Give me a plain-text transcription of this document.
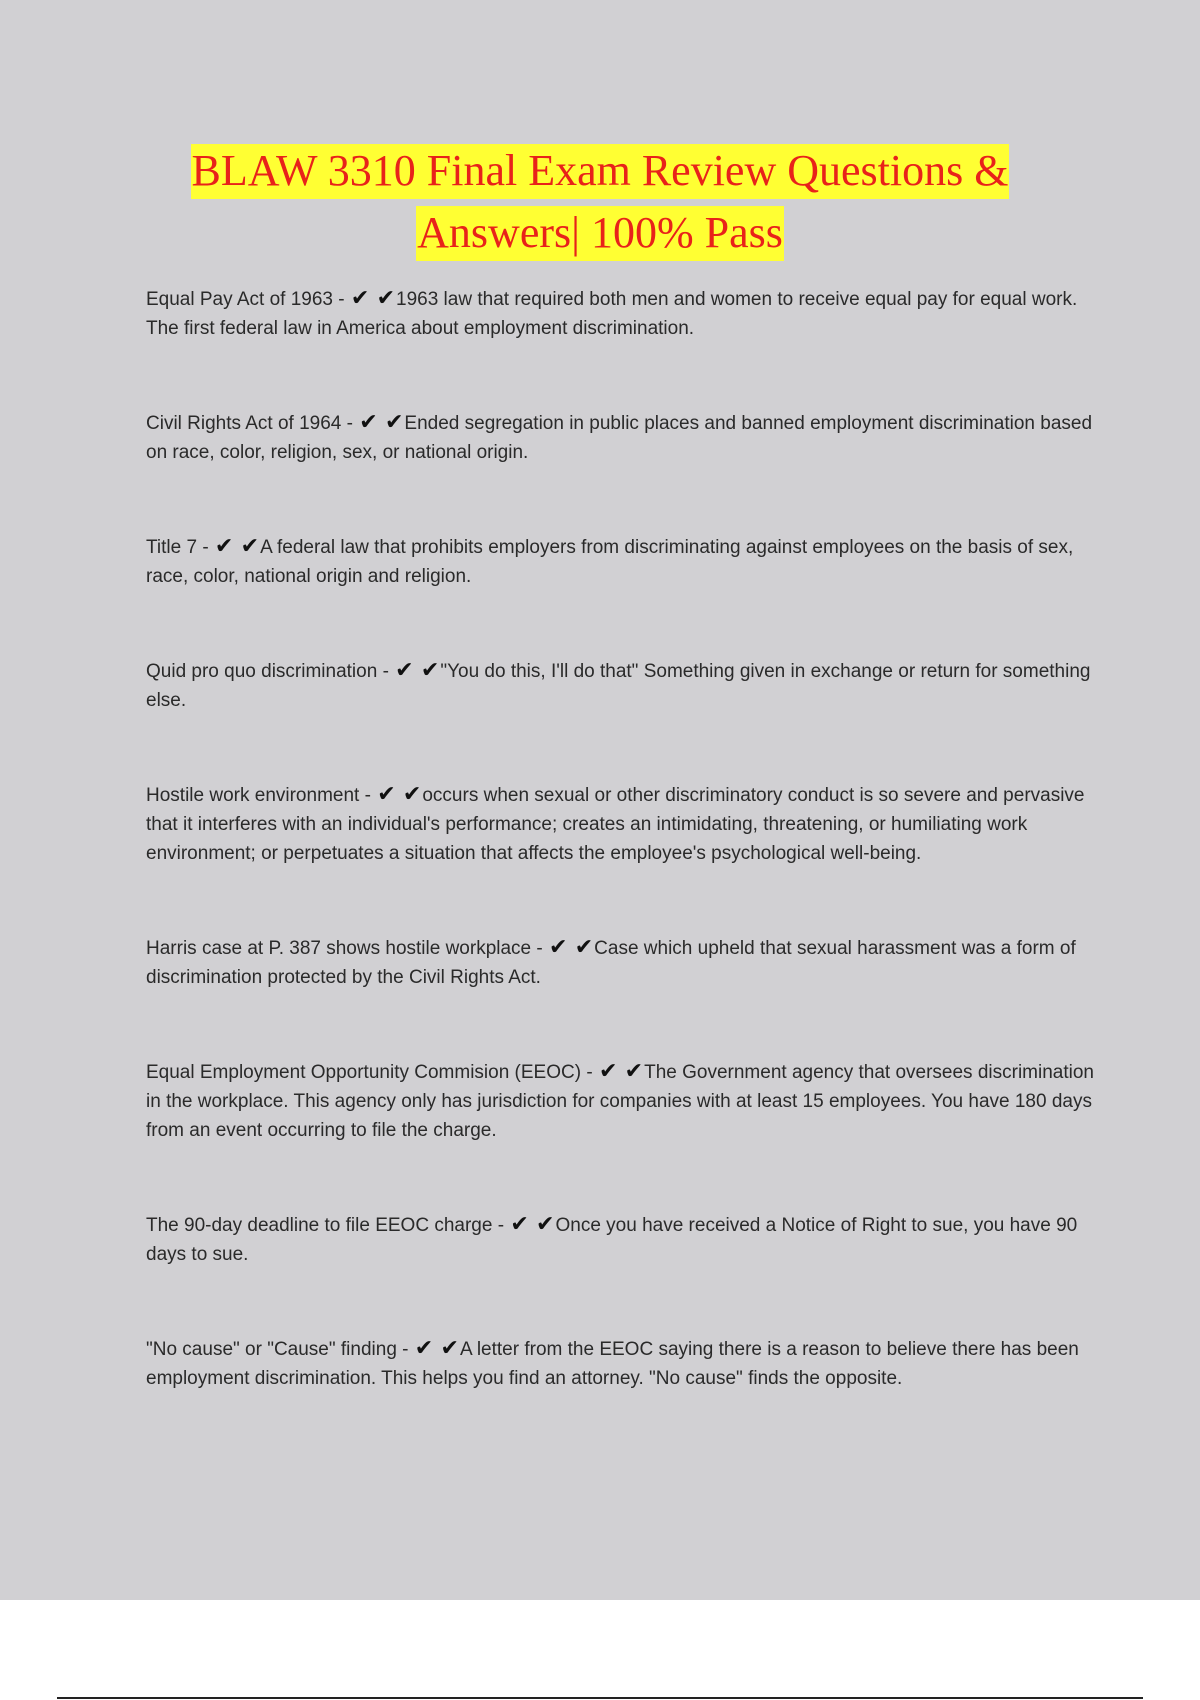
BLAW 3310 Final Exam Review Questions &
Answers| 100% Pass
Equal Pay Act of 1963 - ✔ ✔1963 law that required both men and women to receive equal pay for equal work. The first federal law in America about employment discrimination.
Civil Rights Act of 1964 - ✔ ✔Ended segregation in public places and banned employment discrimination based on race, color, religion, sex, or national origin.
Title 7 - ✔ ✔A federal law that prohibits employers from discriminating against employees on the basis of sex, race, color, national origin and religion.
Quid pro quo discrimination - ✔ ✔"You do this, I'll do that" Something given in exchange or return for something else.
Hostile work environment - ✔ ✔occurs when sexual or other discriminatory conduct is so severe and pervasive that it interferes with an individual's performance; creates an intimidating, threatening, or humiliating work environment; or perpetuates a situation that affects the employee's psychological well-being.
Harris case at P. 387 shows hostile workplace - ✔ ✔Case which upheld that sexual harassment was a form of discrimination protected by the Civil Rights Act.
Equal Employment Opportunity Commision (EEOC) - ✔ ✔The Government agency that oversees discrimination in the workplace. This agency only has jurisdiction for companies with at least 15 employees. You have 180 days from an event occurring to file the charge.
The 90-day deadline to file EEOC charge - ✔ ✔Once you have received a Notice of Right to sue, you have 90 days to sue.
"No cause" or "Cause" finding - ✔ ✔A letter from the EEOC saying there is a reason to believe there has been employment discrimination. This helps you find an attorney. "No cause" finds the opposite.
